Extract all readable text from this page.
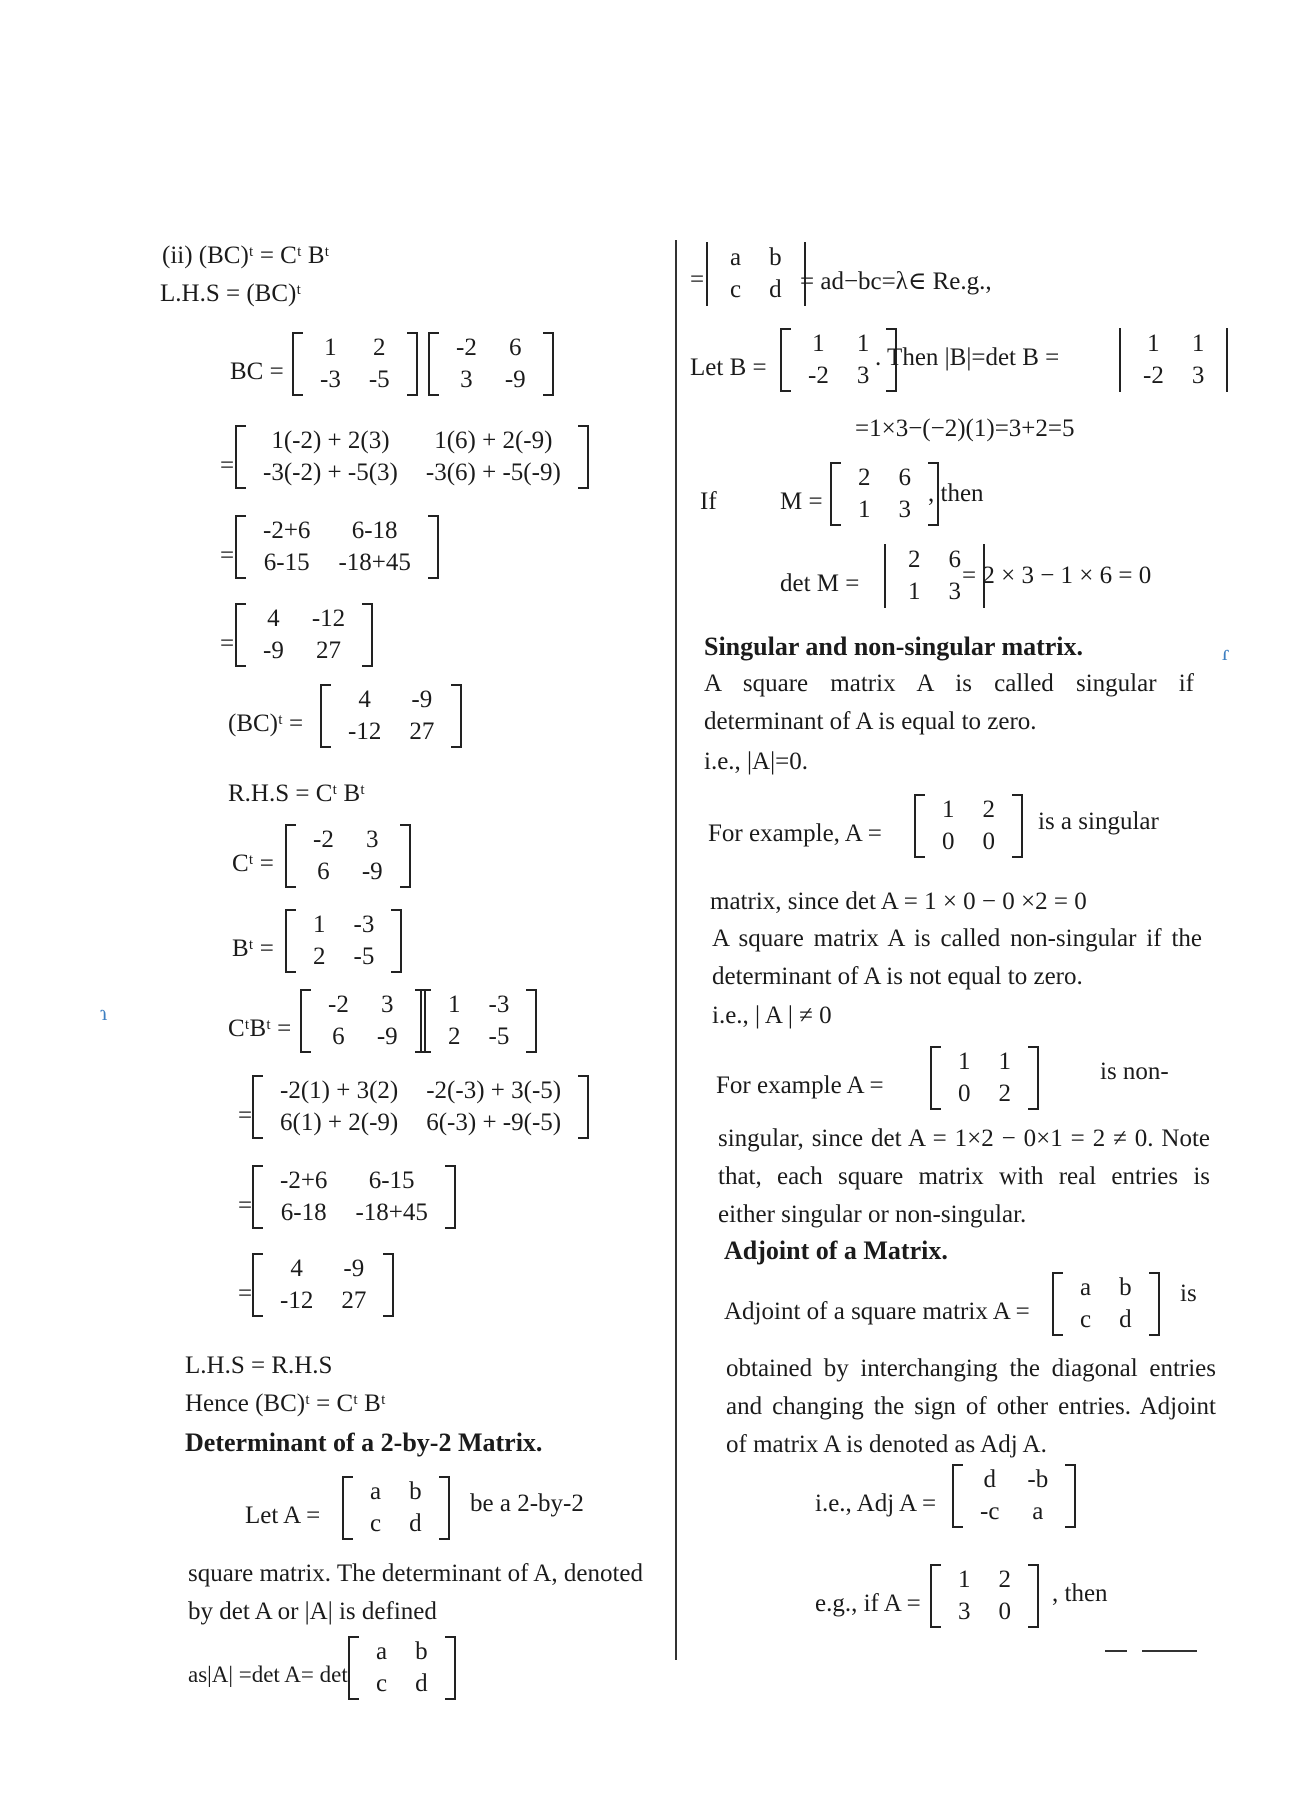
(ii) (BC)ᵗ = Cᵗ Bᵗ
L.H.S = (BC)ᵗ
BC =
1	2
-3	-5
-2	6
3	-9
=
1(-2) + 2(3)	1(6) + 2(-9)
-3(-2) + -5(3)	-3(6) + -5(-9)
=
-2+6	6-18
6-15	-18+45
=
4	-12
-9	27
(BC)ᵗ =
4	-9
-12	27
R.H.S = Cᵗ Bᵗ
Cᵗ =
-2	3
6	-9
Bᵗ =
1	-3
2	-5
CᵗBᵗ =
-2	3
6	-9
1	-3
2	-5
=
-2(1) + 3(2)	-2(-3) + 3(-5)
6(1) + 2(-9)	6(-3) + -9(-5)
=
-2+6	6-15
6-18	-18+45
=
4	-9
-12	27
L.H.S = R.H.S
Hence (BC)ᵗ = Cᵗ Bᵗ
Determinant of a 2-by-2 Matrix.
Let A =
a	b
c	d
be a 2-by-2
square matrix. The determinant of A, denoted by det A or |A| is defined
as|A| =det A= det
a	b
c	d
=
a	b
c	d = ad−bc=λ∈ Re.g.,
Let B =
1	1
-2	3
. Then |B|=det B =
1	1
-2	3
=1×3−(−2)(1)=3+2=5
If	M =
2	6
1	3
, then
det M =
2	6
1	3
= 2 × 3 − 1 × 6 = 0
Singular and non-singular matrix.
A square matrix A is called singular if determinant of A is equal to zero.
i.e., |A|=0.
For example, A =
1	2
0	0
is a singular
matrix, since det A = 1 × 0 − 0 ×2 = 0
A square matrix A is called non-singular if the determinant of A is not equal to zero.
i.e., | A | ≠ 0
For example A =
1	1
0	2
is non-
singular, since det A = 1×2 − 0×1 = 2 ≠ 0. Note that, each square matrix with real entries is either singular or non-singular.
Adjoint of a Matrix.
Adjoint of a square matrix A =
a	b
c	d
is
obtained by interchanging the diagonal entries and changing the sign of other entries. Adjoint of matrix A is denoted as Adj A.
i.e., Adj A =
d	-b
-c	a
e.g., if A =
1	2
3	0
, then
ɿ
ɾ
